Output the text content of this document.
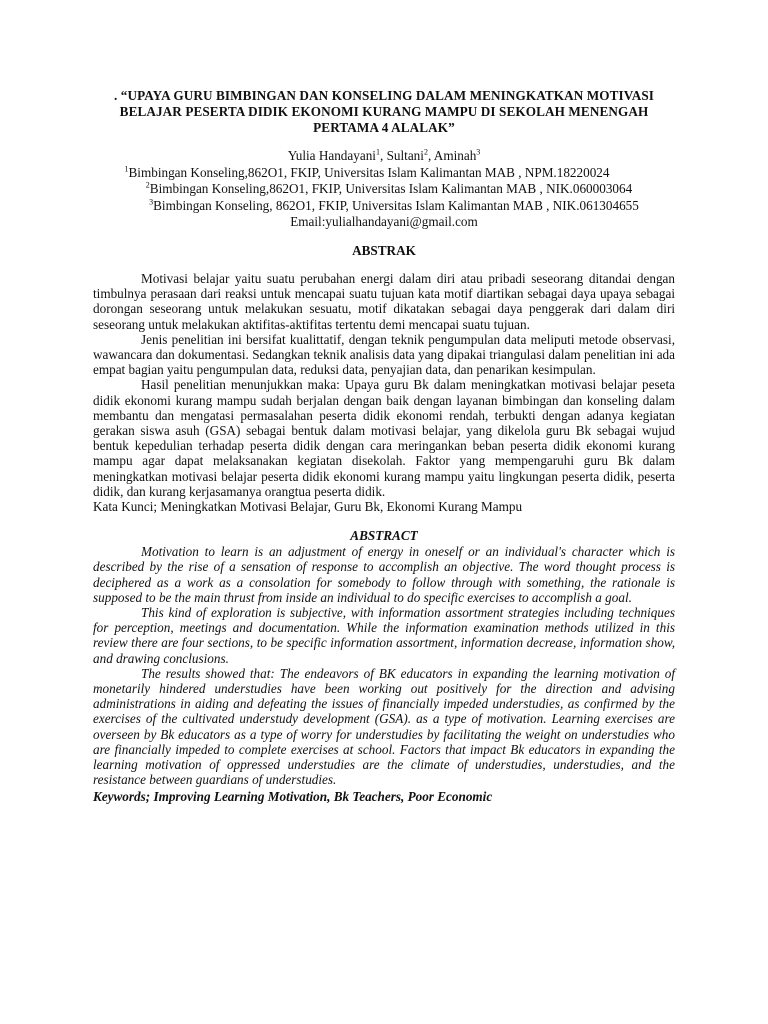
. “UPAYA GURU BIMBINGAN DAN KONSELING DALAM MENINGKATKAN MOTIVASI
BELAJAR PESERTA DIDIK EKONOMI KURANG MAMPU DI SEKOLAH MENENGAH
PERTAMA 4 ALALAK”
Yulia Handayani$^1$, Sultani$^2$, Aminah$^3$
$^1$Bimbingan Konseling,862O1, FKIP, Universitas Islam Kalimantan MAB , NPM.18220024
$^2$Bimbingan Konseling,862O1, FKIP, Universitas Islam Kalimantan MAB , NIK.060003064
$^3$Bimbingan Konseling, 862O1, FKIP, Universitas Islam Kalimantan MAB , NIK.061304655
Email:yulialhandayani@gmail.com
ABSTRAK

Motivasi belajar yaitu suatu perubahan energi dalam diri atau pribadi seseorang ditandai dengan timbulnya perasaan dari reaksi untuk mencapai suatu tujuan kata motif diartikan sebagai daya upaya sebagai dorongan seseorang untuk melakukan sesuatu, motif dikatakan sebagai daya penggerak dari dalam diri seseorang untuk melakukan aktifitas-aktifitas tertentu demi mencapai suatu tujuan.

Jenis penelitian ini bersifat kualittatif, dengan teknik pengumpulan data meliputi metode observasi, wawancara dan dokumentasi. Sedangkan teknik analisis data yang dipakai triangulasi dalam penelitian ini ada empat bagian yaitu pengumpulan data, reduksi data, penyajian data, dan penarikan kesimpulan.

Hasil penelitian menunjukkan maka: Upaya guru Bk dalam meningkatkan motivasi belajar peseta didik ekonomi kurang mampu sudah berjalan dengan baik dengan layanan bimbingan dan konseling dalam membantu dan mengatasi permasalahan peserta didik ekonomi rendah, terbukti dengan adanya kegiatan gerakan siswa asuh (GSA) sebagai bentuk dalam motivasi belajar, yang dikelola guru Bk sebagai wujud bentuk kepedulian terhadap peserta didik dengan cara meringankan beban peserta didik ekonomi kurang mampu agar dapat melaksanakan kegiatan disekolah. Faktor yang mempengaruhi guru Bk dalam meningkatkan motivasi belajar peserta didik ekonomi kurang mampu yaitu lingkungan peserta didik, peserta didik, dan kurang kerjasamanya orangtua peserta didik.

Kata Kunci; Meningkatkan Motivasi Belajar, Guru Bk, Ekonomi Kurang Mampu

ABSTRACT

Motivation to learn is an adjustment of energy in oneself or an individual's character which is described by the rise of a sensation of response to accomplish an objective. The word thought process is deciphered as a work as a consolation for somebody to follow through with something, the rationale is supposed to be the main thrust from inside an individual to do specific exercises to accomplish a goal.

This kind of exploration is subjective, with information assortment strategies including techniques for perception, meetings and documentation. While the information examination methods utilized in this review there are four sections, to be specific information assortment, information decrease, information show, and drawing conclusions.

The results showed that: The endeavors of BK educators in expanding the learning motivation of monetarily hindered understudies have been working out positively for the direction and advising administrations in aiding and defeating the issues of financially impeded understudies, as confirmed by the exercises of the cultivated understudy development (GSA). as a type of motivation. Learning exercises are overseen by Bk educators as a type of worry for understudies by facilitating the weight on understudies who are financially impeded to complete exercises at school. Factors that impact Bk educators in expanding the learning motivation of oppressed understudies are the climate of understudies, understudies, and the resistance between guardians of understudies.

Keywords; Improving Learning Motivation, Bk Teachers, Poor Economic
